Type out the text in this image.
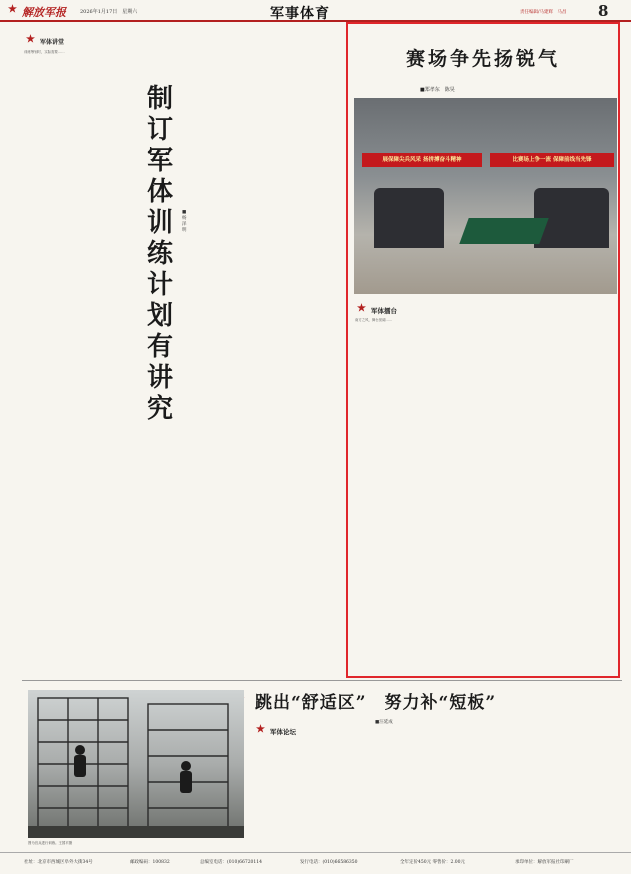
★ 解放军报	2026年1月17日　星期六	军事体育	责任编辑/马建辉　马昌 8
★ 军体讲堂
训练筹划时，实际需要……
制订军体训练计划有讲究
■杨泽明
赛场争先扬锐气
■郑孝东　陈昊
展保障尖兵风采 扬拼搏奋斗精神	比赛场上争一流 保障前线当先锋
★ 军体擂台
南方之风，舞台宽阔……
跳出“舒适区”　努力补“短板”
■汪延成
图为官兵进行训练。王国平摄
★ 军体论坛
社址：北京市西城区阜外大街34号	邮政编码：100832	总编室电话：(010)66720114	发行电话：(010)66586350	全年定价450元 零售价：2.00元	承印单位：解放军报社印刷厂
